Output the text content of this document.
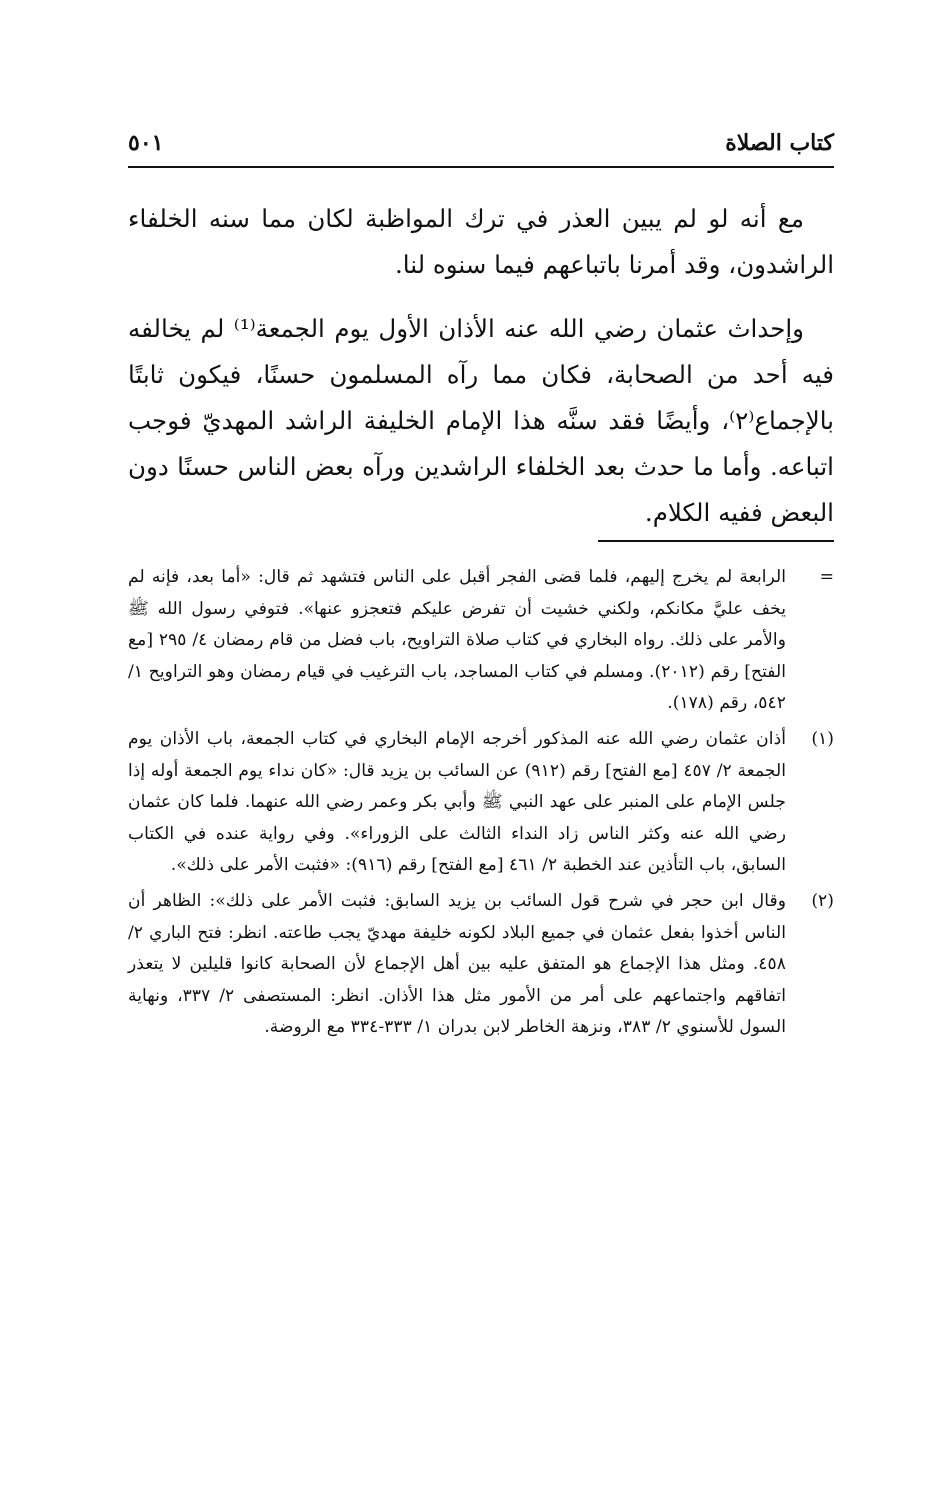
كتاب الصلاة
٥٠١

مع أنه لو لم يبين العذر في ترك المواظبة لكان مما سنه الخلفاء الراشدون، وقد أمرنا باتباعهم فيما سنوه لنا.

وإحداث عثمان رضي الله عنه الأذان الأول يوم الجمعة⁽¹⁾ لم يخالفه فيه أحد من الصحابة، فكان مما رآه المسلمون حسنًا، فيكون ثابتًا بالإجماع⁽٢⁾، وأيضًا فقد سنَّه هذا الإمام الخليفة الراشد المهديّ فوجب اتباعه. وأما ما حدث بعد الخلفاء الراشدين ورآه بعض الناس حسنًا دون البعض ففيه الكلام.

=
الرابعة لم يخرج إليهم، فلما قضى الفجر أقبل على الناس فتشهد ثم قال: «أما بعد، فإنه لم يخف عليَّ مكانكم، ولكني خشيت أن تفرض عليكم فتعجزو عنها». فتوفي رسول الله ﷺ والأمر على ذلك. رواه البخاري في كتاب صلاة التراويح، باب فضل من قام رمضان ٤/ ٢٩٥ [مع الفتح] رقم (٢٠١٢). ومسلم في كتاب المساجد، باب الترغيب في قيام رمضان وهو التراويح ١/ ٥٤٢، رقم (١٧٨).
(١)
أذان عثمان رضي الله عنه المذكور أخرجه الإمام البخاري في كتاب الجمعة، باب الأذان يوم الجمعة ٢/ ٤٥٧ [مع الفتح] رقم (٩١٢) عن السائب بن يزيد قال: «كان نداء يوم الجمعة أوله إذا جلس الإمام على المنبر على عهد النبي ﷺ وأبي بكر وعمر رضي الله عنهما. فلما كان عثمان رضي الله عنه وكثر الناس زاد النداء الثالث على الزوراء». وفي رواية عنده في الكتاب السابق، باب التأذين عند الخطبة ٢/ ٤٦١ [مع الفتح] رقم (٩١٦): «فثبت الأمر على ذلك».
(٢)
وقال ابن حجر في شرح قول السائب بن يزيد السابق: فثبت الأمر على ذلك»: الظاهر أن الناس أخذوا بفعل عثمان في جميع البلاد لكونه خليفة مهديّ يجب طاعته. انظر: فتح الباري ٢/ ٤٥٨. ومثل هذا الإجماع هو المتفق عليه بين أهل الإجماع لأن الصحابة كانوا قليلين لا يتعذر اتفاقهم واجتماعهم على أمر من الأمور مثل هذا الأذان. انظر: المستصفى ٢/ ٣٣٧، ونهاية السول للأسنوي ٢/ ٣٨٣، ونزهة الخاطر لابن بدران ١/ ٣٣٣-٣٣٤ مع الروضة.
